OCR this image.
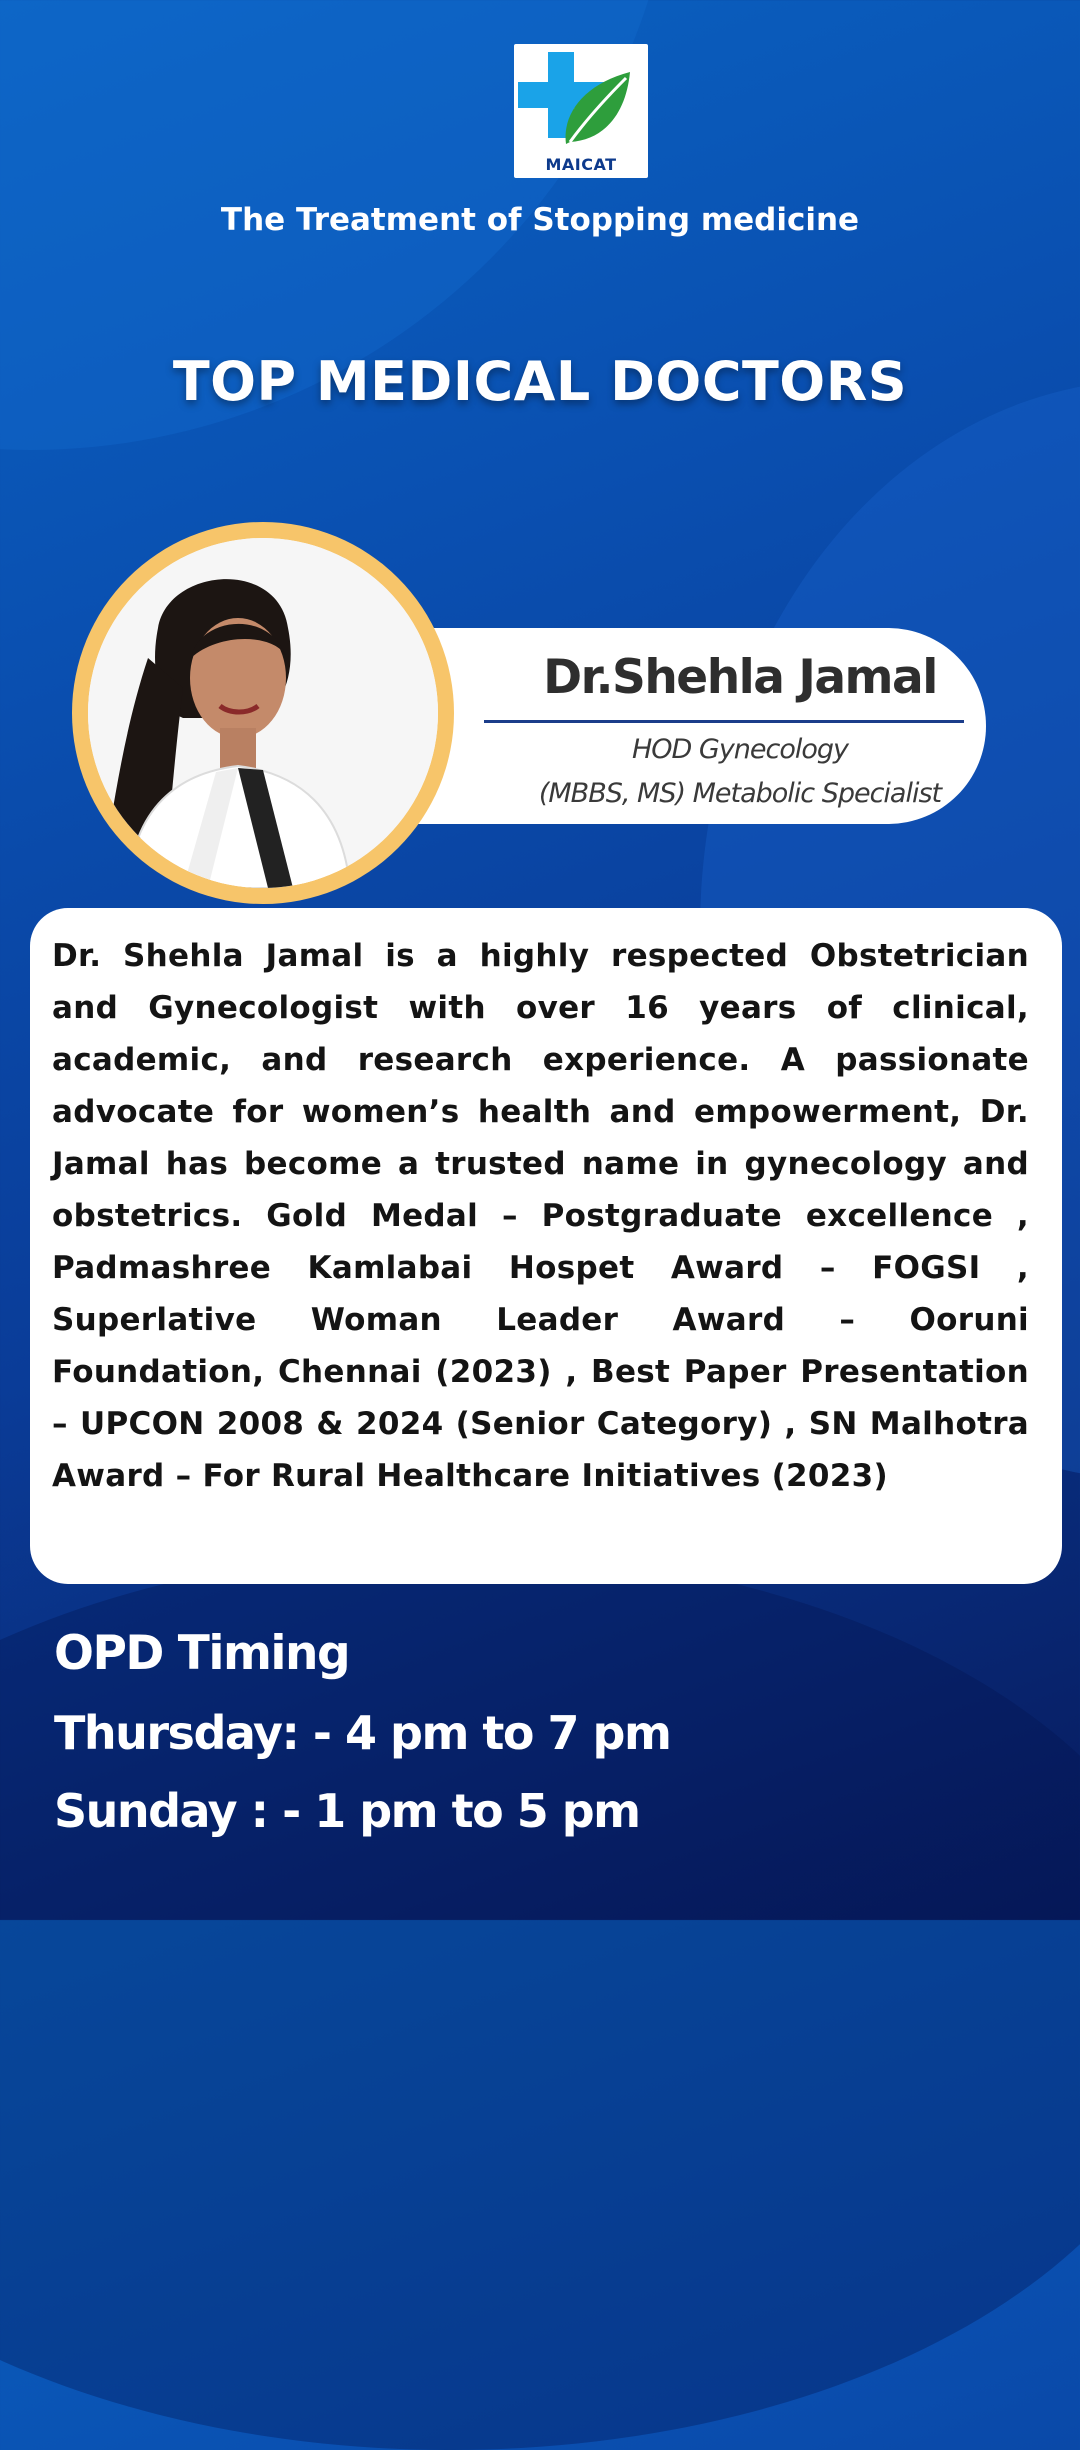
MAICAT
The Treatment of Stopping medicine
TOP MEDICAL DOCTORS
Dr.Shehla Jamal
HOD Gynecology
(MBBS, MS) Metabolic Specialist
Dr. Shehla Jamal is a highly respected Obstetrician and Gynecologist with over 16 years of clinical, academic, and research experience. A passionate advocate for women’s health and empowerment, Dr. Jamal has become a trusted name in gynecology and obstetrics. Gold Medal – Postgraduate excellence , Padmashree Kamlabai Hospet Award – FOGSI , Superlative Woman Leader Award – Ooruni Foundation, Chennai (2023) , Best Paper Presentation – UPCON 2008 & 2024 (Senior Category) , SN Malhotra Award – For Rural Healthcare Initiatives (2023)
OPD Timing
Thursday: - 4 pm to 7 pm
Sunday : - 1 pm to 5 pm
